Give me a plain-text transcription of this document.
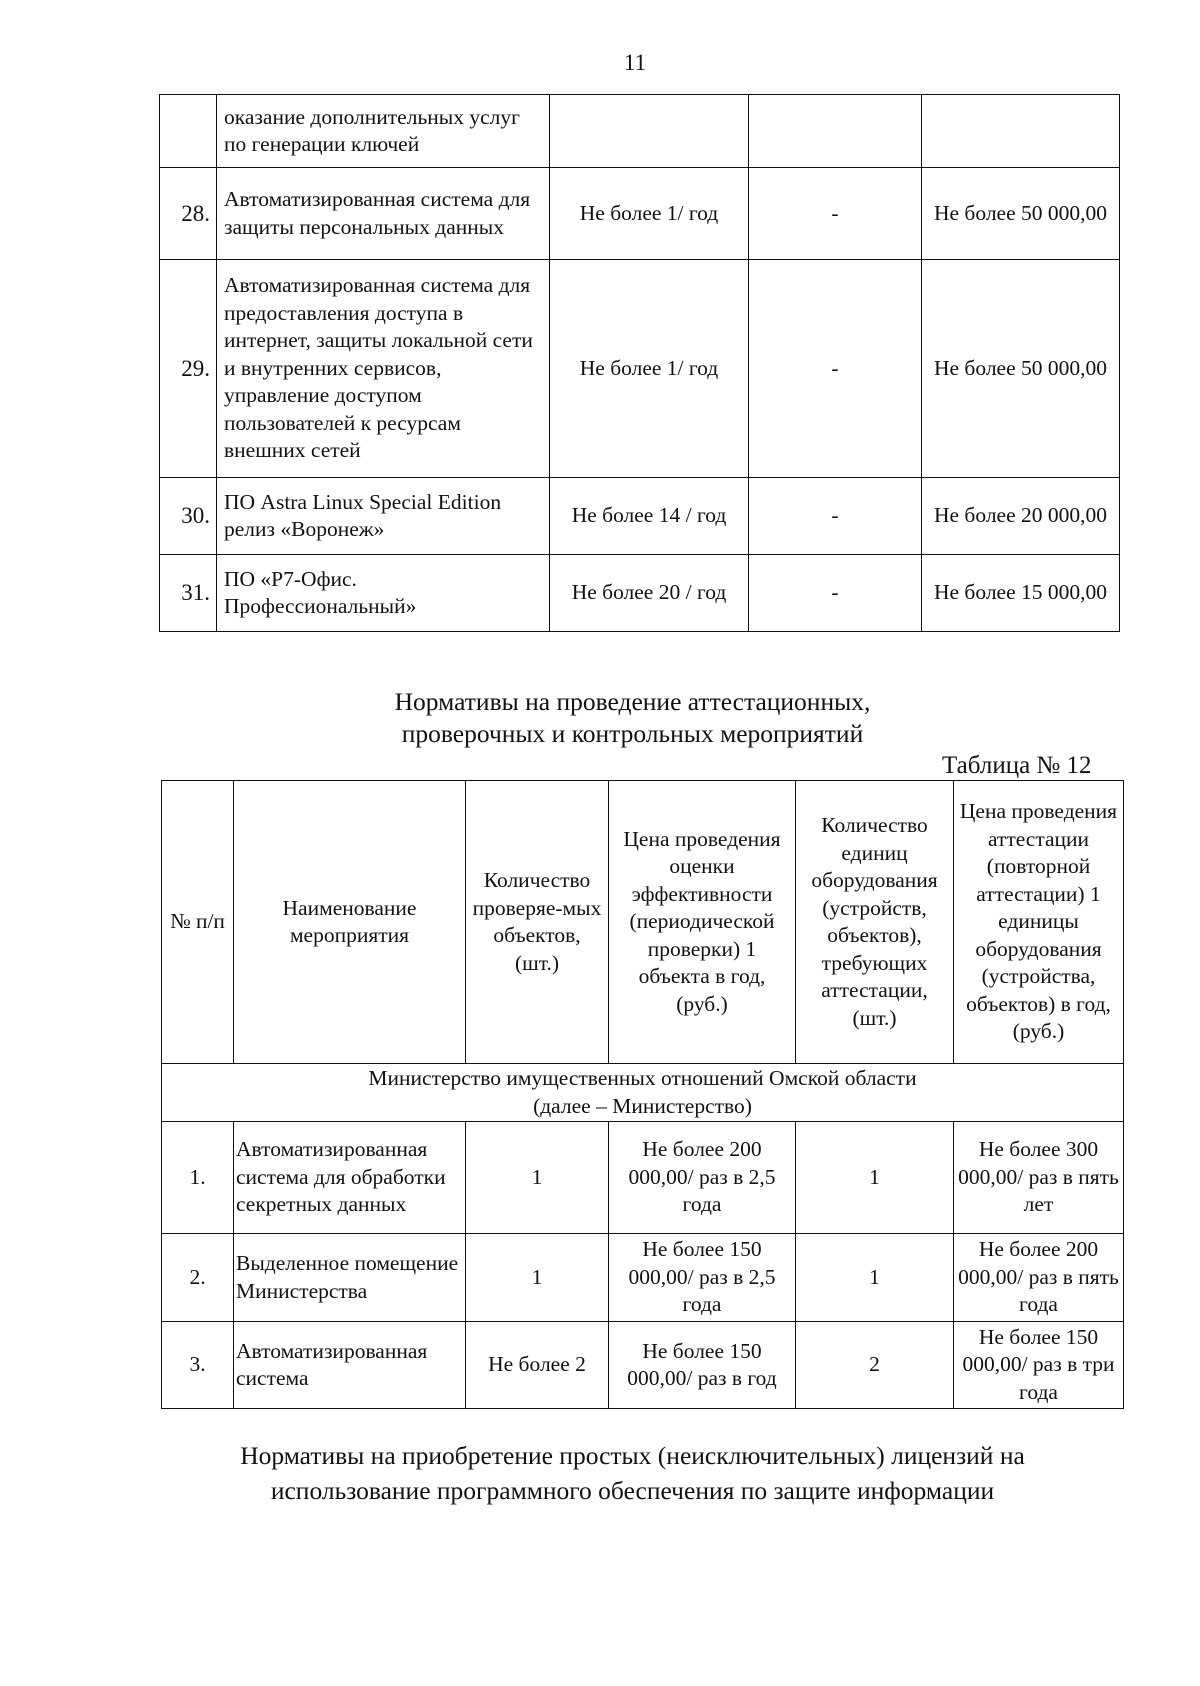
11
	оказание дополнительных услуг по генерации ключей			
28.	Автоматизированная система для защиты персональных данных	Не более 1/ год	-	Не более 50 000,00
29.	Автоматизированная система для предоставления доступа в интернет, защиты локальной сети и внутренних сервисов, управление доступом пользователей к ресурсам внешних сетей	Не более 1/ год	-	Не более 50 000,00
30.	ПО Astra Linux Special Edition релиз «Воронеж»	Не более 14 / год	-	Не более 20 000,00
31.	ПО «Р7-Офис. Профессиональный»	Не более 20 / год	-	Не более 15 000,00
Нормативы на проведение аттестационных,
проверочных и контрольных мероприятий
Таблица № 12
№ п/п	Наименование мероприятия	Количество проверяе-мых объектов, (шт.)	Цена проведения оценки эффективности (периодической проверки) 1 объекта в год, (руб.)	Количество единиц оборудования (устройств, объектов), требующих аттестации, (шт.)	Цена проведения аттестации (повторной аттестации) 1 единицы оборудования (устройства, объектов) в год, (руб.)

Министерство имущественных отношений Омской области
(далее – Министерство)					

1.	Автоматизированная система для обработки секретных данных	1	Не более 200 000,00/ раз в 2,5 года	1	Не более 300 000,00/ раз в пять лет
2.	Выделенное помещение Министерства	1	Не более 150 000,00/ раз в 2,5 года	1	Не более 200 000,00/ раз в пять года
3.	Автоматизированная система	Не более 2	Не более 150 000,00/ раз в год	2	Не более 150 000,00/ раз в три года
Нормативы на приобретение простых (неисключительных) лицензий на
использование программного обеспечения по защите информации
